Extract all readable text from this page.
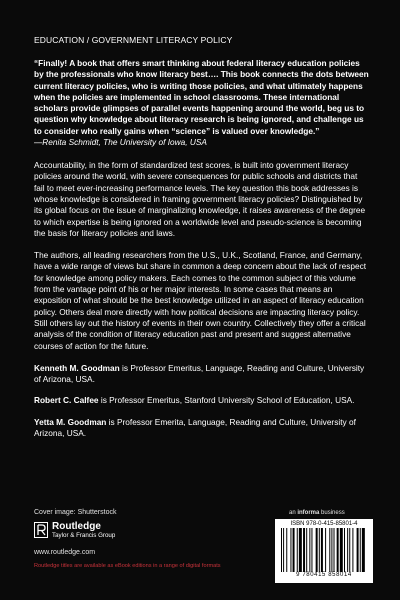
EDUCATION / GOVERNMENT LITERACY POLICY

“Finally! A book that offers smart thinking about federal literacy education policies by the professionals who know literacy best…. This book connects the dots between current literacy policies, who is writing those policies, and what ultimately happens when the policies are implemented in school classrooms. These international scholars provide glimpses of parallel events happening around the world, beg us to question why knowledge about literacy research is being ignored, and challenge us to consider who really gains when “science” is valued over knowledge.”

—Renita Schmidt, The University of Iowa, USA

Accountability, in the form of standardized test scores, is built into government literacy policies around the world, with severe consequences for public schools and districts that fail to meet ever-increasing performance levels. The key question this book addresses is whose knowledge is considered in framing government literacy policies? Distinguished by its global focus on the issue of marginalizing knowledge, it raises awareness of the degree to which expertise is being ignored on a worldwide level and pseudo-science is becoming the basis for literacy policies and laws.

The authors, all leading researchers from the U.S., U.K., Scotland, France, and Germany, have a wide range of views but share in common a deep concern about the lack of respect for knowledge among policy makers. Each comes to the common subject of this volume from the vantage point of his or her major interests. In some cases that means an exposition of what should be the best knowledge utilized in an aspect of literacy education policy. Others deal more directly with how political decisions are impacting literacy policy. Still others lay out the history of events in their own country. Collectively they offer a critical analysis of the condition of literacy education past and present and suggest alternative courses of action for the future.

Kenneth M. Goodman is Professor Emeritus, Language, Reading and Culture, University of Arizona, USA.

Robert C. Calfee is Professor Emeritus, Stanford University School of Education, USA.

Yetta M. Goodman is Professor Emerita, Language, Reading and Culture, University of Arizona, USA.

Cover image: Shutterstock
Routledge
Taylor & Francis Group
www.routledge.com
Routledge titles are available as eBook editions in a range of digital formats
an informa business
ISBN 978-0-415-85801-4
9 780415 858014
